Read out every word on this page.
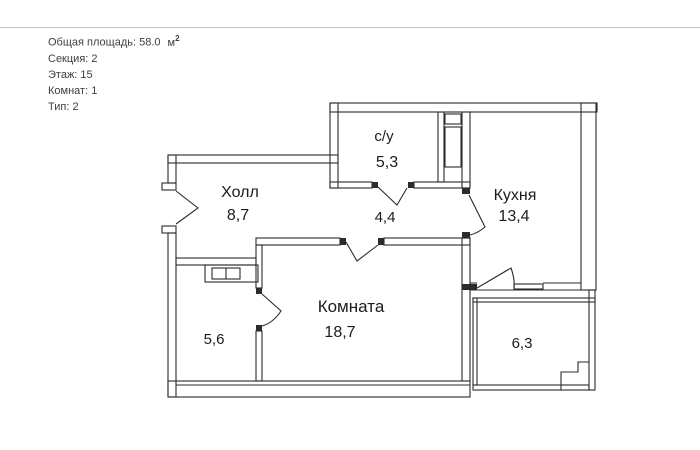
Общая площадь: 58.0 $м^2$
Секция: 2
Этаж: 15
Комнат: 1
Тип: 2
Холл
8,7
с/у
5,3
Кухня
13,4
4,4
Комната
18,7
5,6	6,3
